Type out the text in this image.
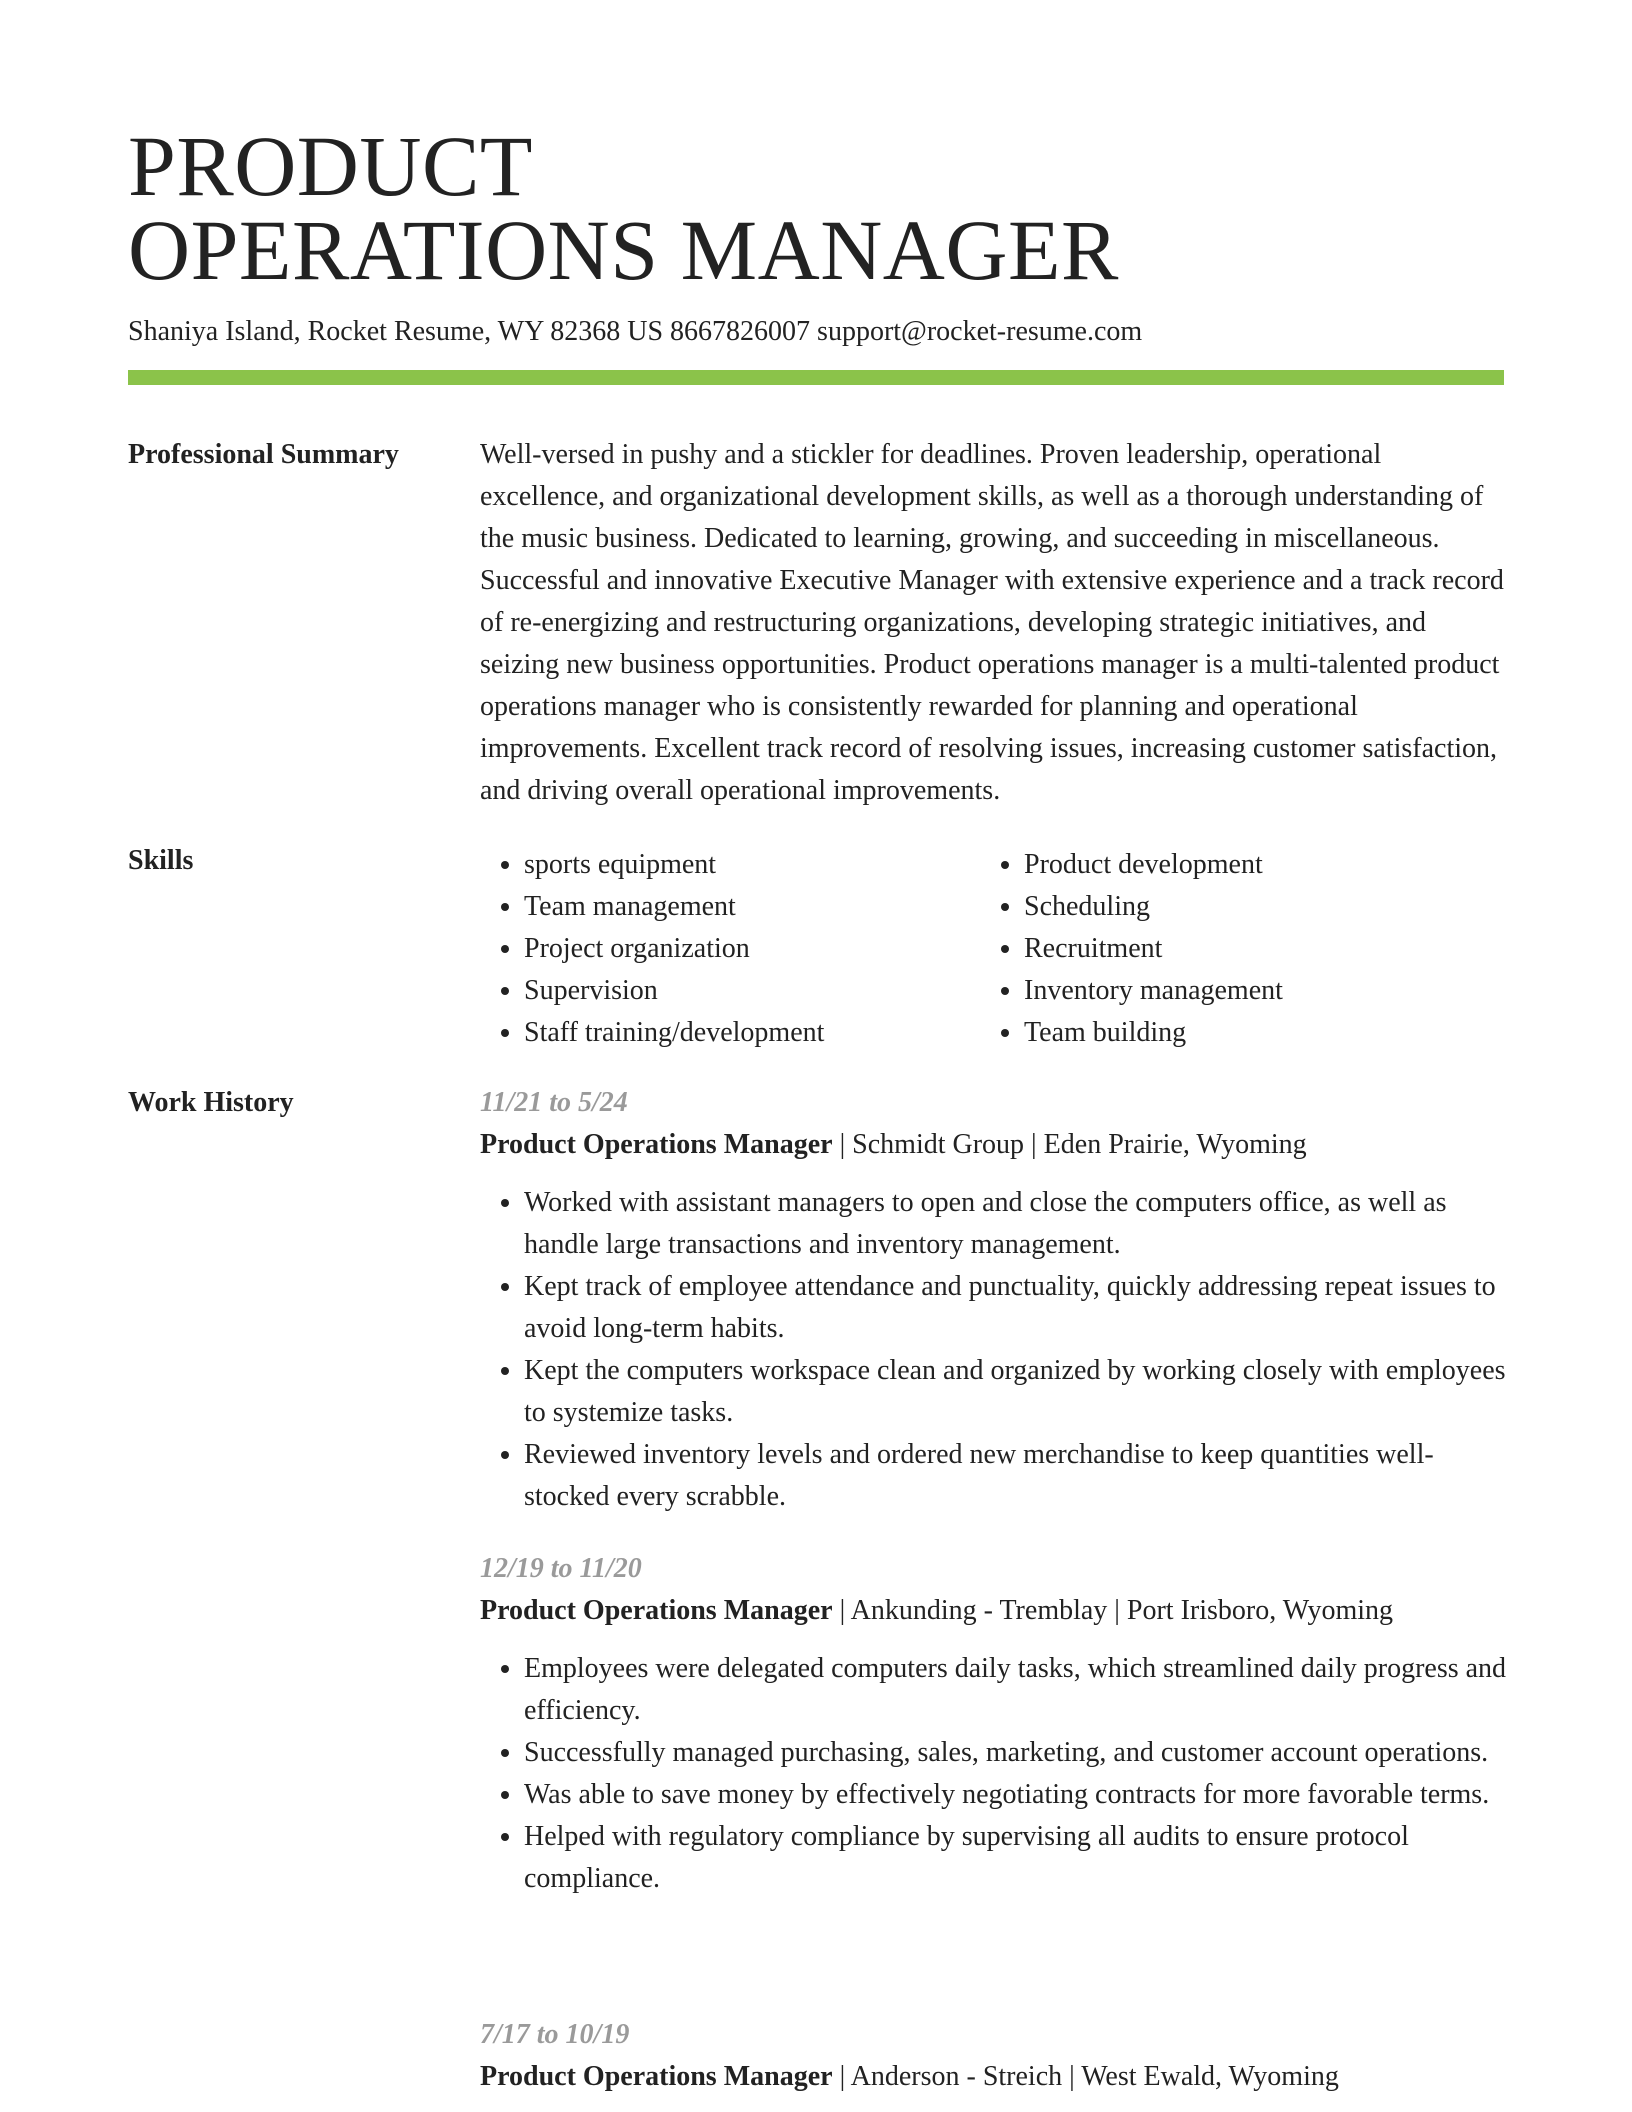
PRODUCT
OPERATIONS MANAGER
Shaniya Island, Rocket Resume, WY 82368 US 8667826007 support@rocket-resume.com
Professional Summary	Well-versed in pushy and a stickler for deadlines. Proven leadership, operational excellence, and organizational development skills, as well as a thorough understanding of the music business. Dedicated to learning, growing, and succeeding in miscellaneous. Successful and innovative Executive Manager with extensive experience and a track record of re-energizing and restructuring organizations, developing strategic initiatives, and seizing new business opportunities. Product operations manager is a multi-talented product operations manager who is consistently rewarded for planning and operational improvements. Excellent track record of resolving issues, increasing customer satisfaction, and driving overall operational improvements.

Skills
•	sports equipment
• Team management
• Project organization
• Supervision
• Staff training/development
• Product development
• Scheduling
• Recruitment
• Inventory management
• Team building
Work History	11/21 to 5/24
Product Operations Manager | Schmidt Group | Eden Prairie, Wyoming
• Worked with assistant managers to open and close the computers office, as well as handle large transactions and inventory management.
• Kept track of employee attendance and punctuality, quickly addressing repeat issues to avoid long-term habits.
• Kept the computers workspace clean and organized by working closely with employees to systemize tasks.
• Reviewed inventory levels and ordered new merchandise to keep quantities well-stocked every scrabble.
12/19 to 11/20
Product Operations Manager | Ankunding - Tremblay | Port Irisboro, Wyoming
• Employees were delegated computers daily tasks, which streamlined daily progress and efficiency.
• Successfully managed purchasing, sales, marketing, and customer account operations.
• Was able to save money by effectively negotiating contracts for more favorable terms.
• Helped with regulatory compliance by supervising all audits to ensure protocol compliance.
7/17 to 10/19
Product Operations Manager | Anderson - Streich | West Ewald, Wyoming
